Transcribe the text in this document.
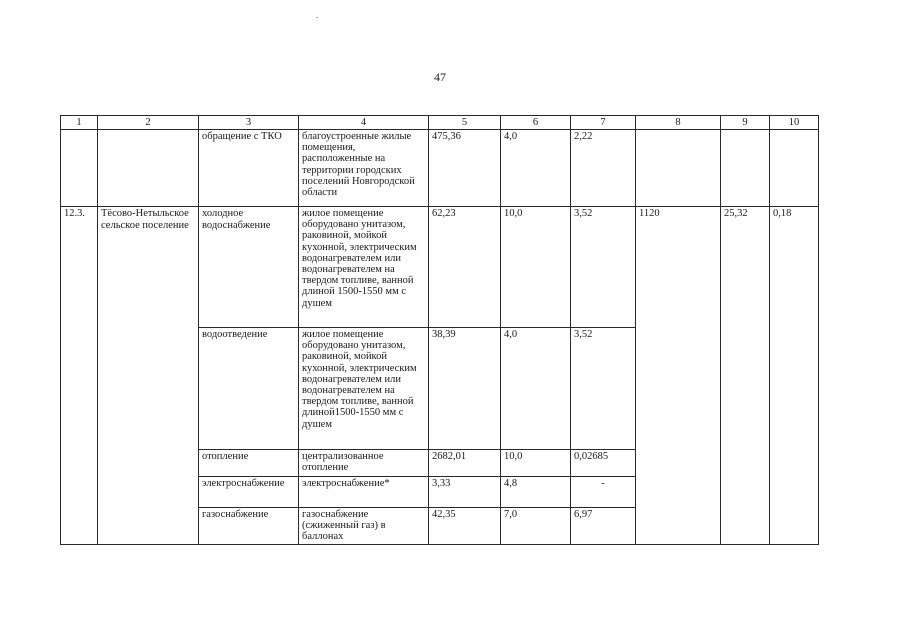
47
1	2	3	4	5	6	7	8	9	10
		обращение с ТКО	благоустроенные жилые помещения, расположенные на территории городских поселений Новгородской области	475,36	4,0	2,22			
12.3.	Тёсово-Нетыльское сельское поселение	холодное водоснабжение	жилое помещение оборудовано унитазом, раковиной, мойкой кухонной, электрическим водонагревателем или водонагревателем на твердом топливе, ванной длиной 1500-1550 мм с душем	62,23	10,0	3,52	1120	25,32	0,18
		водоотведение	жилое помещение оборудовано унитазом, раковиной, мойкой кухонной, электрическим водонагревателем или водонагревателем на твердом топливе, ванной длиной1500-1550 мм с душем	38,39	4,0	3,52			
		отопление	централизованное отопление	2682,01	10,0	0,02685			
		электроснабжение	электроснабжение*	3,33	4,8	-			
		газоснабжение	газоснабжение (сжиженный газ) в баллонах	42,35	7,0	6,97			
